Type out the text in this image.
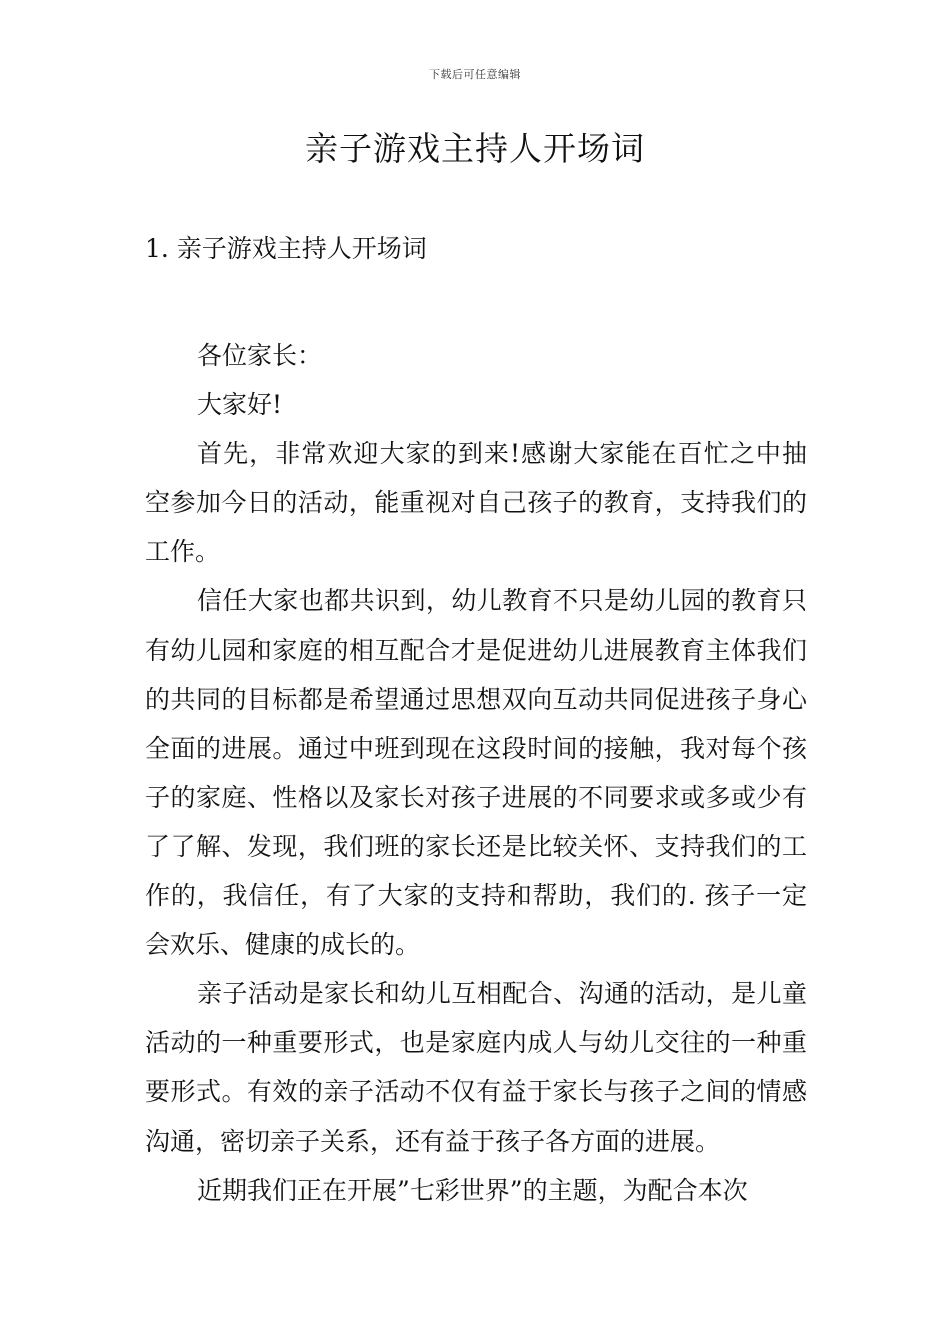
下载后可任意编辑
亲子游戏主持人开场词
1. 亲子游戏主持人开场词

各位家长：

大家好!

首先，非常欢迎大家的到来!感谢大家能在百忙之中抽空参加今日的活动，能重视对自己孩子的教育，支持我们的工作。

信任大家也都共识到，幼儿教育不只是幼儿园的教育只有幼儿园和家庭的相互配合才是促进幼儿进展教育主体我们的共同的目标都是希望通过思想双向互动共同促进孩子身心全面的进展。通过中班到现在这段时间的接触，我对每个孩子的家庭、性格以及家长对孩子进展的不同要求或多或少有了了解、发现，我们班的家长还是比较关怀、支持我们的工作的，我信任，有了大家的支持和帮助，我们的. 孩子一定会欢乐、健康的成长的。

亲子活动是家长和幼儿互相配合、沟通的活动，是儿童活动的一种重要形式，也是家庭内成人与幼儿交往的一种重要形式。有效的亲子活动不仅有益于家长与孩子之间的情感沟通，密切亲子关系，还有益于孩子各方面的进展。

近期我们正在开展”七彩世界”的主题，为配合本次
